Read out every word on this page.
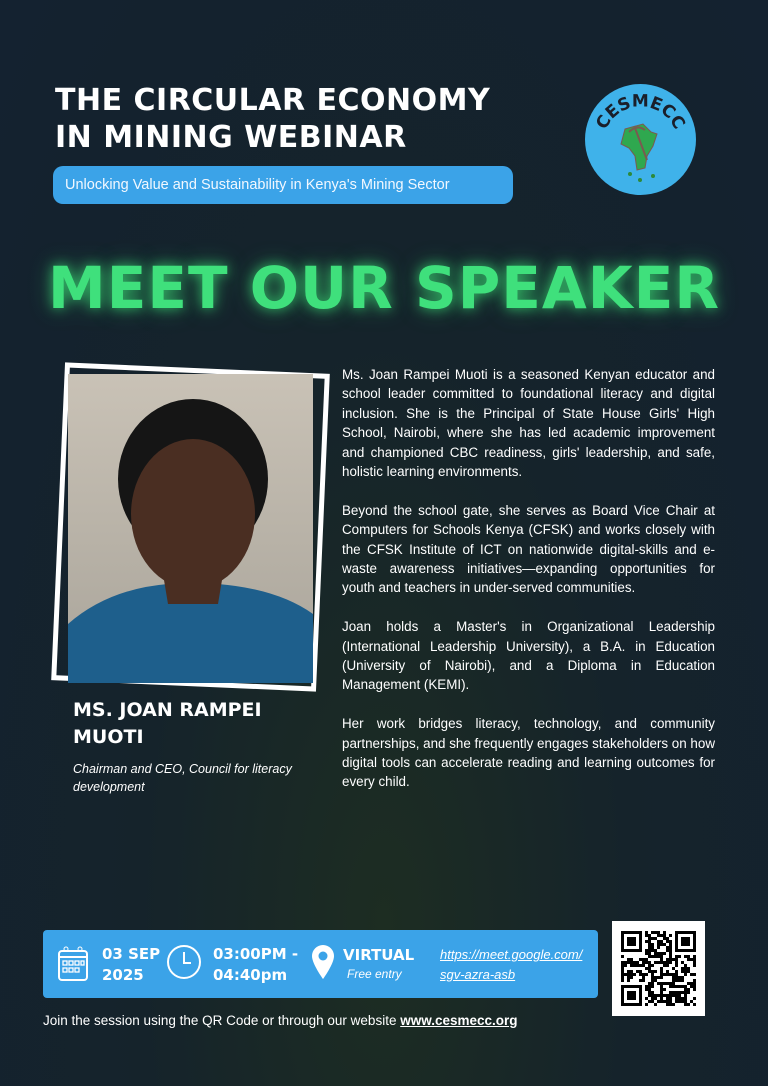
THE CIRCULAR ECONOMY
IN MINING WEBINAR
Unlocking Value and Sustainability in Kenya's Mining Sector
CESMECC
MEET OUR SPEAKER
MS. JOAN RAMPEI MUOTI
Chairman and CEO, Council for literacy development

Ms. Joan Rampei Muoti is a seasoned Kenyan educator and school leader committed to foundational literacy and digital inclusion. She is the Principal of State House Girls' High School, Nairobi, where she has led academic improvement and championed CBC readiness, girls' leadership, and safe, holistic learning environments.

Beyond the school gate, she serves as Board Vice Chair at Computers for Schools Kenya (CFSK) and works closely with the CFSK Institute of ICT on nationwide digital-skills and e-waste awareness initiatives—expanding opportunities for youth and teachers in under-served communities.

Joan holds a Master's in Organizational Leadership (International Leadership University), a B.A. in Education (University of Nairobi), and a Diploma in Education Management (KEMI).

Her work bridges literacy, technology, and community partnerships, and she frequently engages stakeholders on how digital tools can accelerate reading and learning outcomes for every child.

03 SEP
2025
03:00PM -
04:40pm
VIRTUAL
Free entry
https://meet.google.com/
sgv-azra-asb
Join the session using the QR Code or through our website www.cesmecc.org
